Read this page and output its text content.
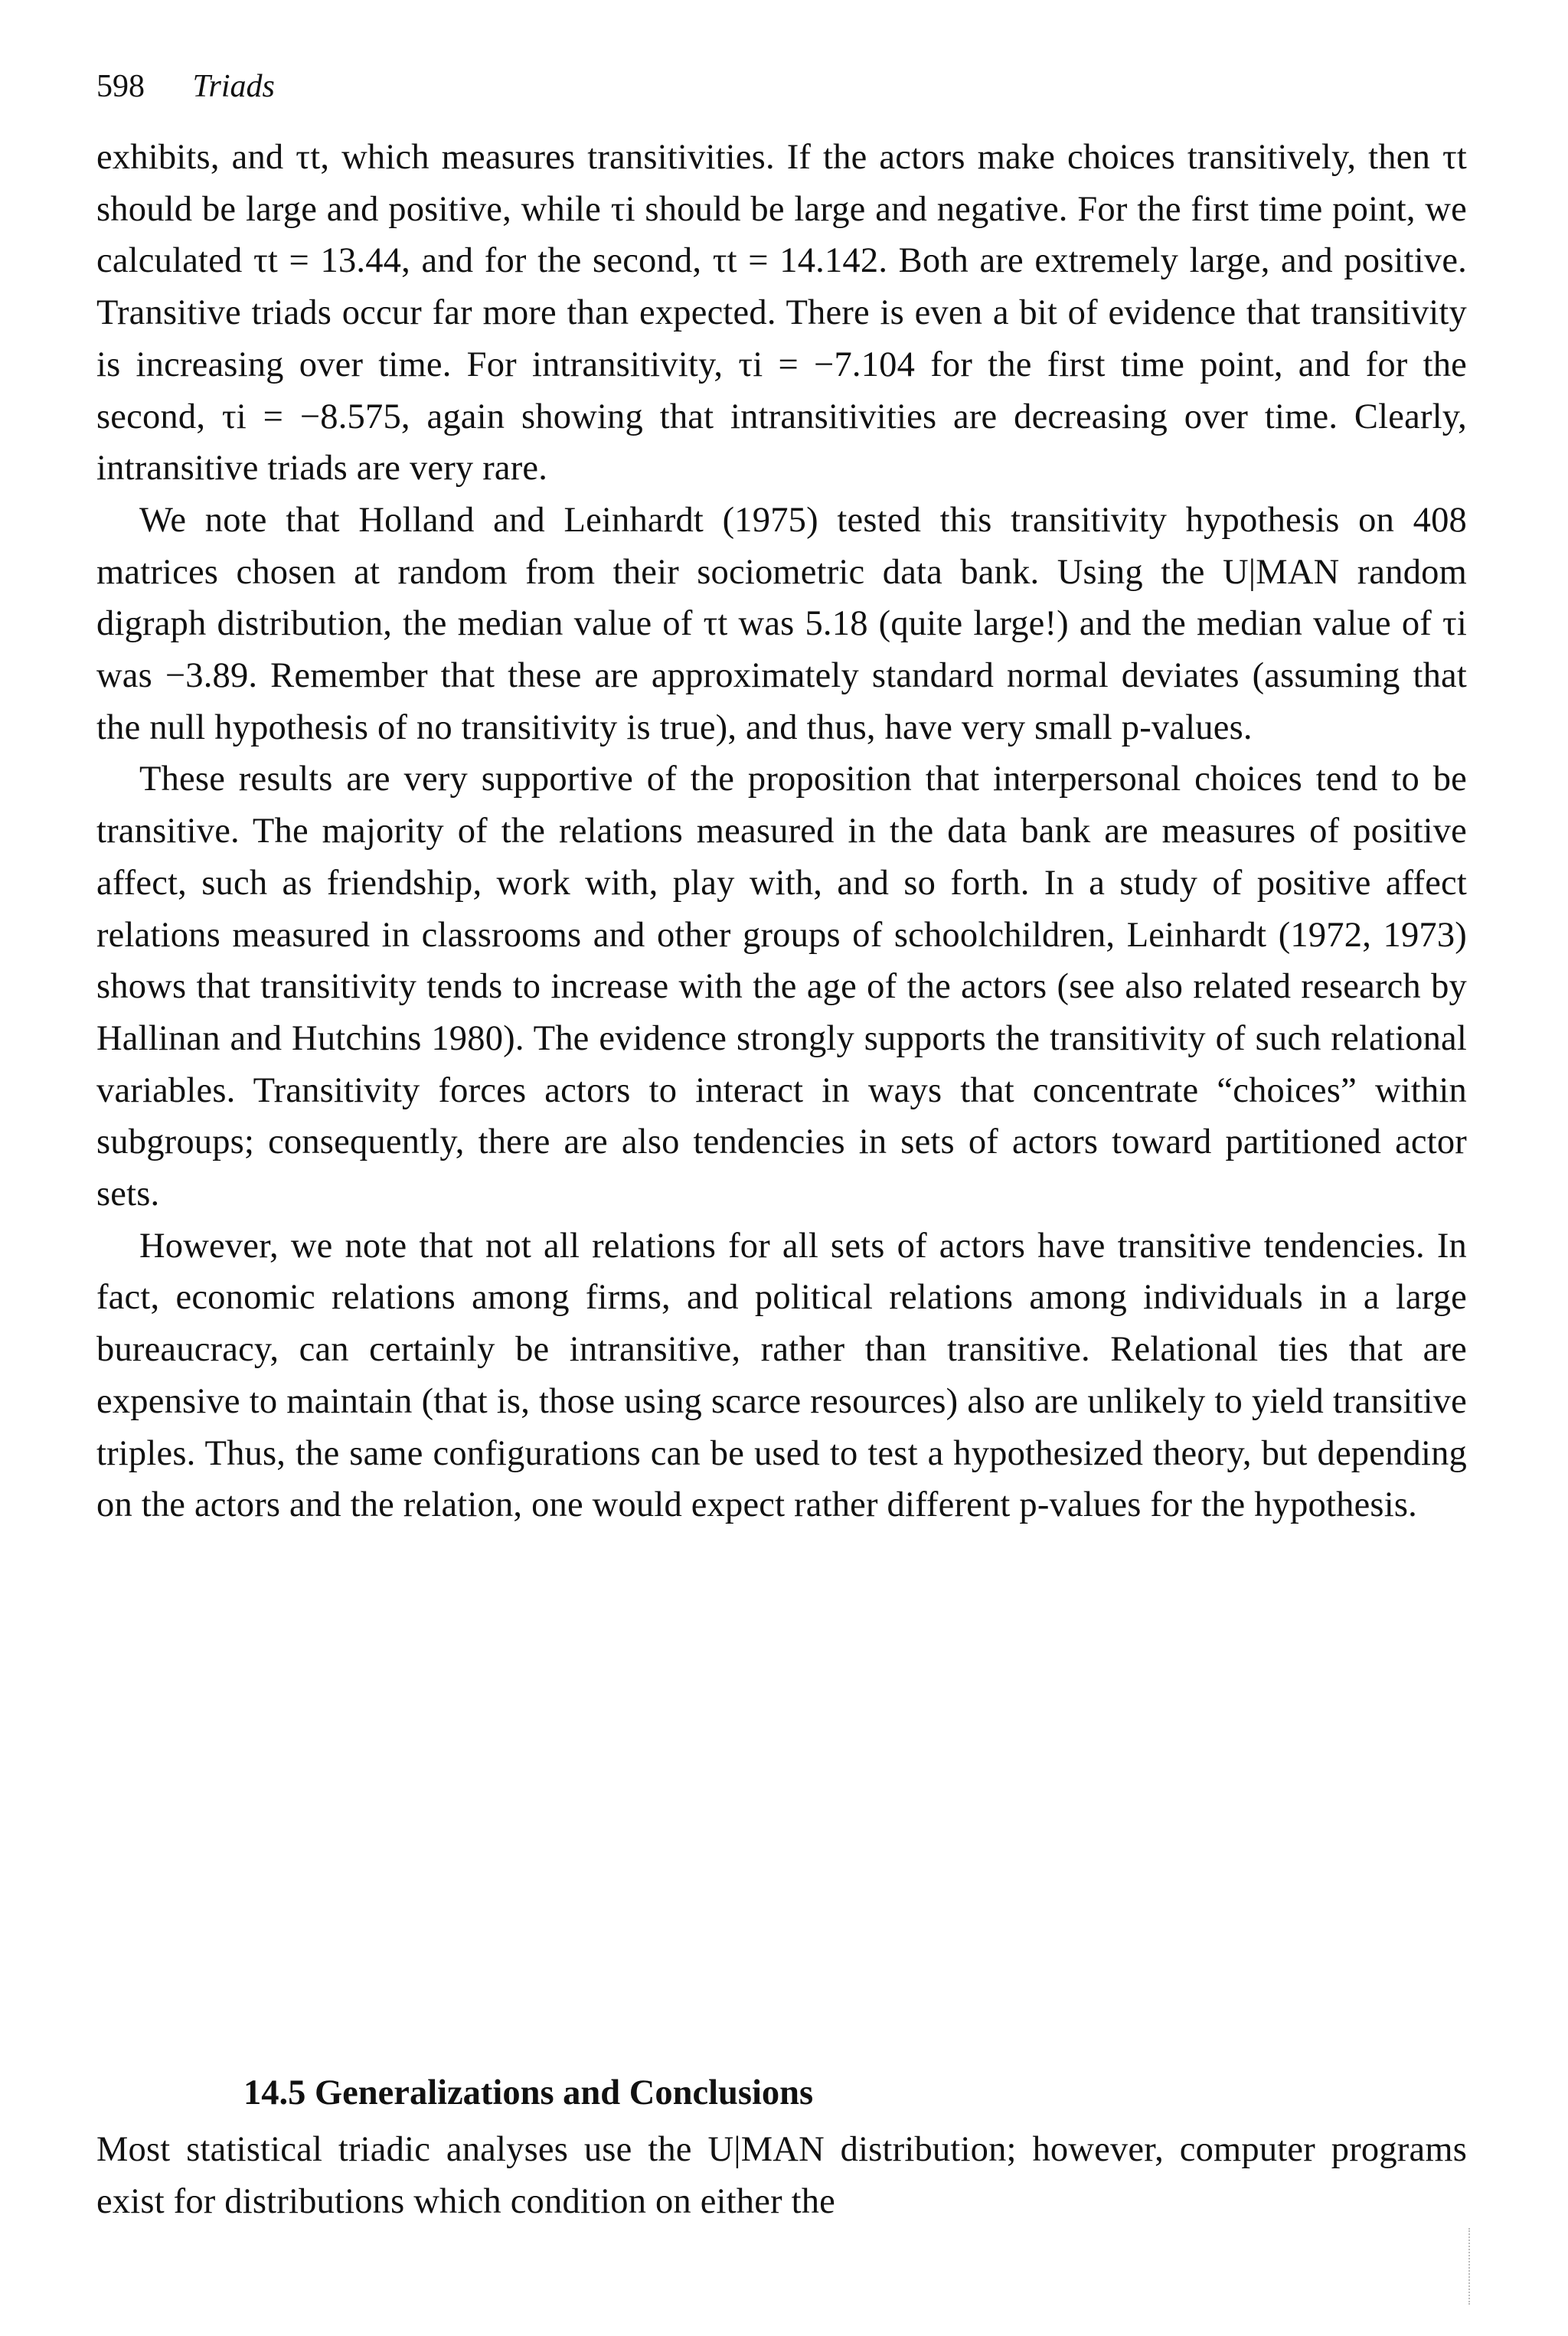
598 Triads

exhibits, and τt, which measures transitivities. If the actors make choices transitively, then τt should be large and positive, while τi should be large and negative. For the first time point, we calculated τt = 13.44, and for the second, τt = 14.142. Both are extremely large, and positive. Transitive triads occur far more than expected. There is even a bit of evidence that transitivity is increasing over time. For intransitivity, τi = −7.104 for the first time point, and for the second, τi = −8.575, again showing that intransitivities are decreasing over time. Clearly, intransitive triads are very rare.

We note that Holland and Leinhardt (1975) tested this transitivity hypothesis on 408 matrices chosen at random from their sociometric data bank. Using the U|MAN random digraph distribution, the median value of τt was 5.18 (quite large!) and the median value of τi was −3.89. Remember that these are approximately standard normal deviates (assuming that the null hypothesis of no transitivity is true), and thus, have very small p-values.

These results are very supportive of the proposition that interpersonal choices tend to be transitive. The majority of the relations measured in the data bank are measures of positive affect, such as friendship, work with, play with, and so forth. In a study of positive affect relations measured in classrooms and other groups of schoolchildren, Leinhardt (1972, 1973) shows that transitivity tends to increase with the age of the actors (see also related research by Hallinan and Hutchins 1980). The evidence strongly supports the transitivity of such relational variables. Transitivity forces actors to interact in ways that concentrate “choices” within subgroups; consequently, there are also tendencies in sets of actors toward partitioned actor sets.

However, we note that not all relations for all sets of actors have transitive tendencies. In fact, economic relations among firms, and political relations among individuals in a large bureaucracy, can certainly be intransitive, rather than transitive. Relational ties that are expensive to maintain (that is, those using scarce resources) also are unlikely to yield transitive triples. Thus, the same configurations can be used to test a hypothesized theory, but depending on the actors and the relation, one would expect rather different p-values for the hypothesis.

14.5 Generalizations and Conclusions

Most statistical triadic analyses use the U|MAN distribution; however, computer programs exist for distributions which condition on either the
